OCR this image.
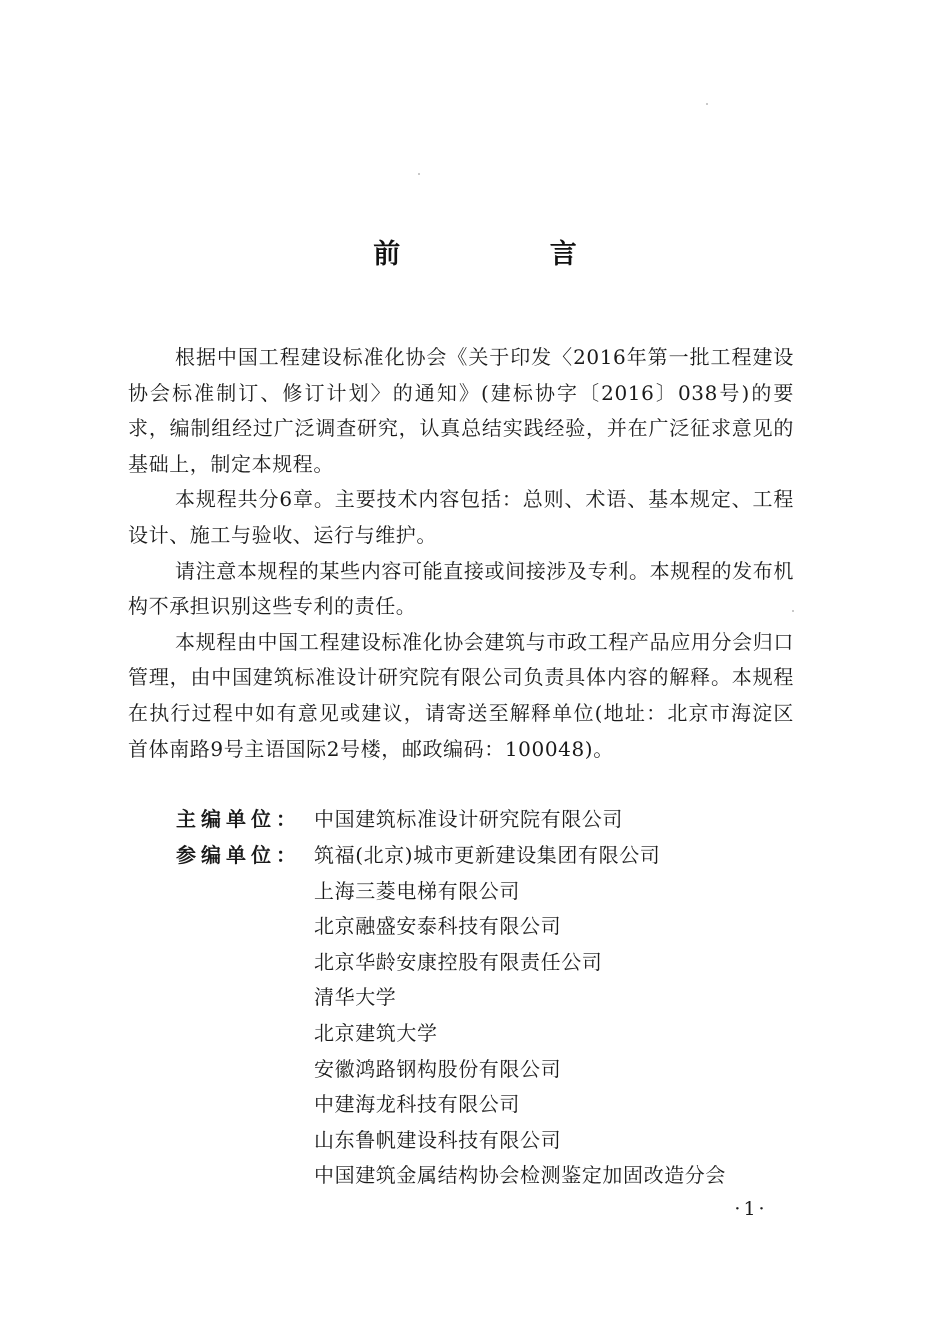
前 言

根据中国工程建设标准化协会《关于印发〈2016年第一批工程建设协会标准制订、修订计划〉的通知》(建标协字〔2016〕038号)的要求，编制组经过广泛调查研究，认真总结实践经验，并在广泛征求意见的基础上，制定本规程。

本规程共分6章。主要技术内容包括：总则、术语、基本规定、工程设计、施工与验收、运行与维护。

请注意本规程的某些内容可能直接或间接涉及专利。本规程的发布机构不承担识别这些专利的责任。

本规程由中国工程建设标准化协会建筑与市政工程产品应用分会归口管理，由中国建筑标准设计研究院有限公司负责具体内容的解释。本规程在执行过程中如有意见或建议，请寄送至解释单位(地址：北京市海淀区首体南路9号主语国际2号楼，邮政编码：100048)。

主编单位： 中国建筑标准设计研究院有限公司
参编单位： 筑福(北京)城市更新建设集团有限公司
上海三菱电梯有限公司
北京融盛安泰科技有限公司
北京华龄安康控股有限责任公司
清华大学
北京建筑大学
安徽鸿路钢构股份有限公司
中建海龙科技有限公司
山东鲁帆建设科技有限公司
中国建筑金属结构协会检测鉴定加固改造分会
·1·
